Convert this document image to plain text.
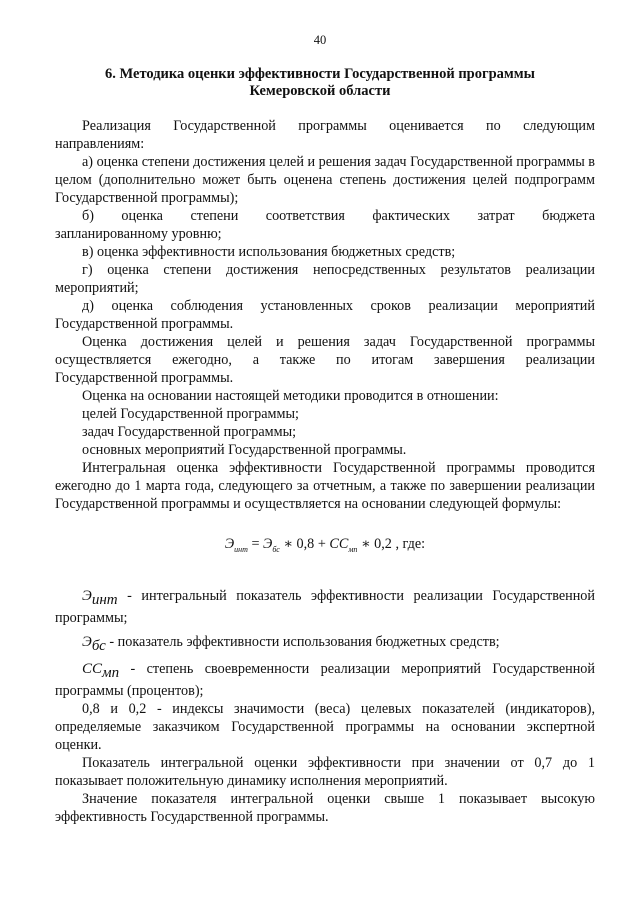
40
6. Методика оценки эффективности Государственной программы
Кемеровской области

Реализация Государственной программы оценивается по следующим

направлениям:

а) оценка степени достижения целей и решения задач Государственной программы в целом (дополнительно может быть оценена степень достижения целей подпрограмм Государственной программы);

б) оценка степени соответствия фактических затрат бюджета

запланированному уровню;

в) оценка эффективности использования бюджетных средств;

г) оценка степени достижения непосредственных результатов реализации мероприятий;

д) оценка соблюдения установленных сроков реализации мероприятий Государственной программы.

Оценка достижения целей и решения задач Государственной программы

осуществляется ежегодно, а также по итогам завершения реализации

Государственной программы.

Оценка на основании настоящей методики проводится в отношении:

целей Государственной программы;

задач Государственной программы;

основных мероприятий Государственной программы.

Интегральная оценка эффективности Государственной программы проводится ежегодно до 1 марта года, следующего за отчетным, а также по завершении реализации Государственной программы и осуществляется на основании следующей формулы:

$Э_{инт} = Э_{бс}$ ∗ $0,8 + СС_{мп}$ ∗ 0,2 , где:

$Э_{инт}$ - интегральный показатель эффективности реализации Государственной программы;

$Э_{бс}$ - показатель эффективности использования бюджетных средств;

$СС_{мп}$ - степень своевременности реализации мероприятий Государственной программы (процентов);

0,8 и 0,2 - индексы значимости (веса) целевых показателей (индикаторов), определяемые заказчиком Государственной программы на основании экспертной оценки.

Показатель интегральной оценки эффективности при значении от 0,7 до 1 показывает положительную динамику исполнения мероприятий.

Значение показателя интегральной оценки свыше 1 показывает высокую эффективность Государственной программы.
